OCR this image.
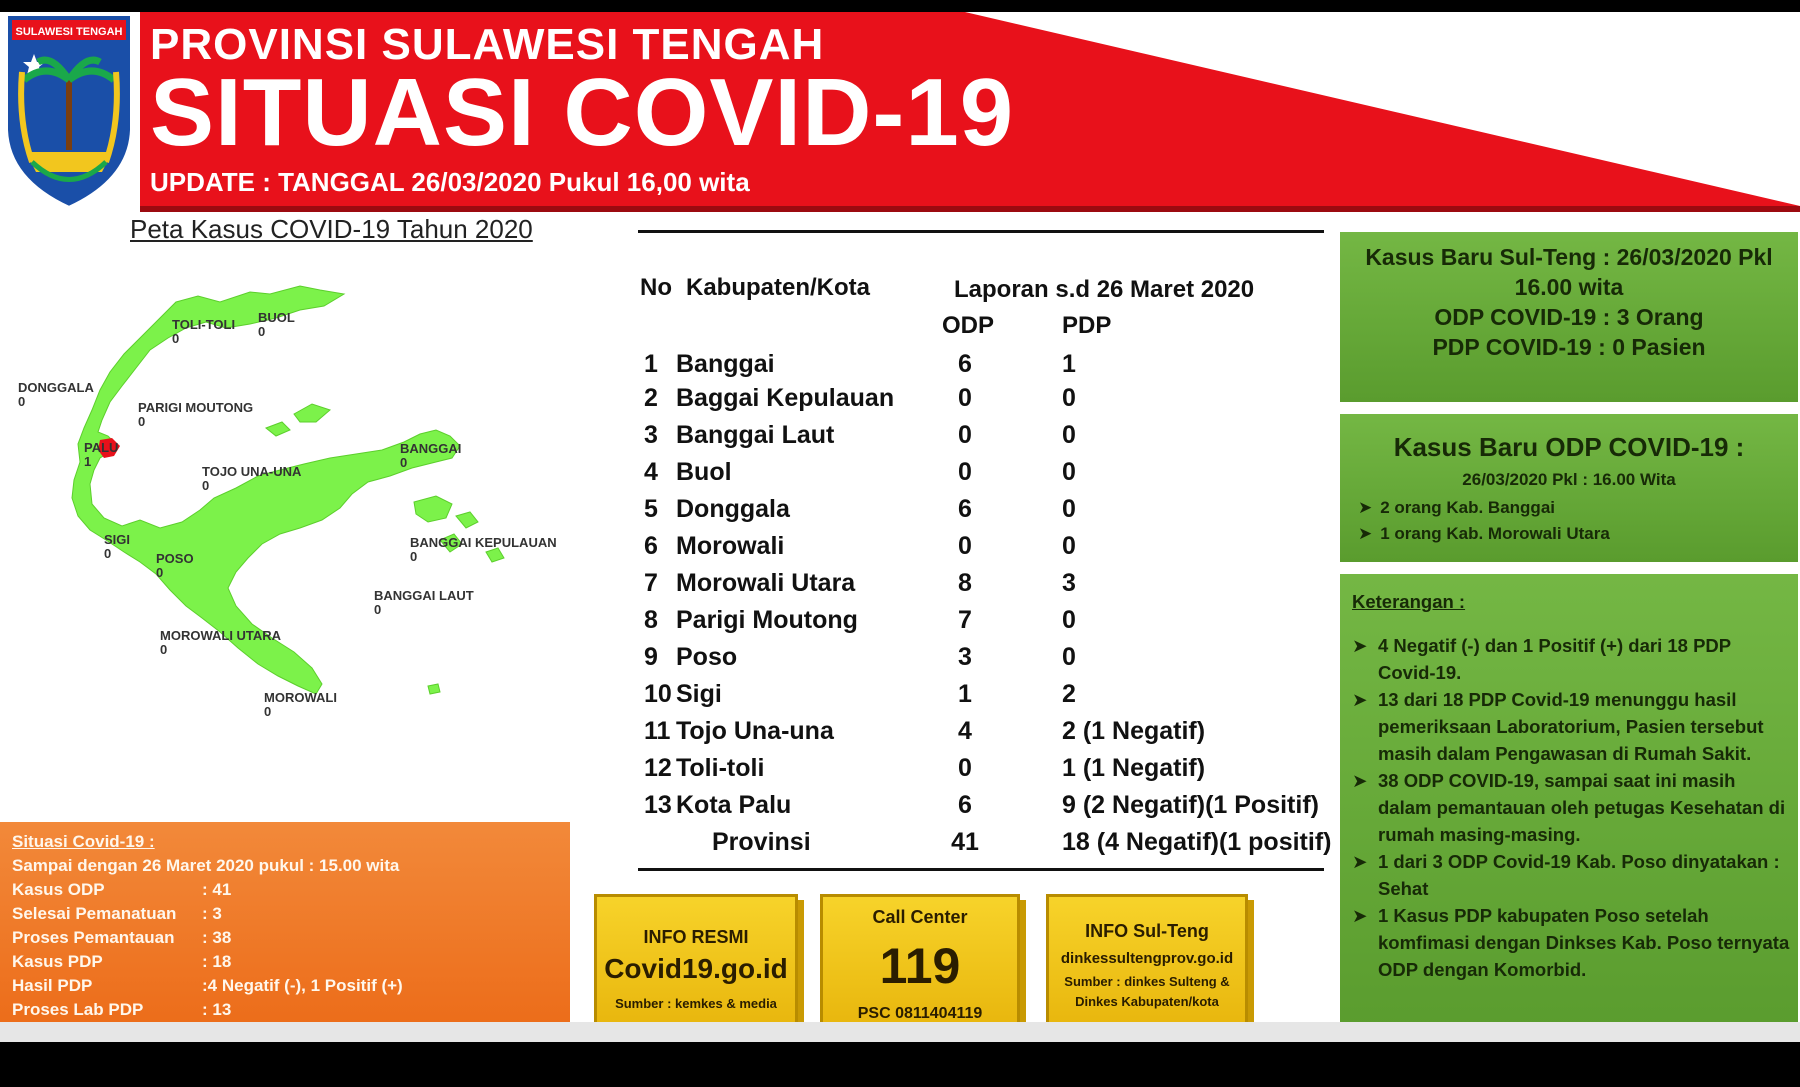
SULAWESI TENGAH PROVINSI SULAWESI TENGAH
SITUASI COVID-19
UPDATE : TANGGAL 26/03/2020 Pukul 16,00 wita
Peta Kasus COVID-19 Tahun 2020
TOLI-TOLI
0
BUOL
0
DONGGALA
0	PARIGI MOUTONG
0
PALU
1
TOJO UNA-UNA
0
BANGGAI
0
SIGI
0	POSO
0
BANGGAI KEPULAUAN
0
BANGGAI LAUT
0
MOROWALI UTARA
0
MOROWALI
0
Situasi Covid-19 :
Sampai dengan 26 Maret 2020 pukul : 15.00 wita
Kasus ODP	: 41
Selesai Pemanatuan	: 3
Proses Pemantauan	: 38
Kasus PDP	: 18
Hasil PDP	:4 Negatif (-), 1 Positif (+)
Proses Lab PDP	: 13
No Kabupaten/Kota	Laporan s.d 26 Maret 2020
ODP	PDP
1 Banggai	6	1
2 Baggai Kepulauan	0	0
3 Banggai Laut	0	0
4 Buol	0	0
5 Donggala	6	0
6 Morowali	0	0
7 Morowali Utara	8	3
8 Parigi Moutong	7	0
9 Poso	3	0
10 Sigi	1	2
11 Tojo Una-una	4	2 (1 Negatif)
12 Toli-toli	0	1 (1 Negatif)
13 Kota Palu	6	9 (2 Negatif)(1 Positif)
Provinsi	41	18 (4 Negatif)(1 positif)
INFO RESMI
Covid19.go.id
Sumber : kemkes & media
Call Center
119
PSC 0811404119
INFO Sul-Teng
dinkessultengprov.go.id
Sumber : dinkes Sulteng &
Dinkes Kabupaten/kota
Kasus Baru Sul-Teng : 26/03/2020 Pkl
16.00 wita
ODP COVID-19 : 3 Orang
PDP COVID-19 : 0 Pasien
Kasus Baru ODP COVID-19 :
26/03/2020 Pkl : 16.00 Wita
➤ 2 orang Kab. Banggai
➤ 1 orang Kab. Morowali Utara
Keterangan :
➤ 4 Negatif (-) dan 1 Positif (+) dari 18 PDP Covid-19.
➤ 13 dari 18 PDP Covid-19 menunggu hasil pemeriksaan Laboratorium, Pasien tersebut masih dalam Pengawasan di Rumah Sakit.
➤ 38 ODP COVID-19, sampai saat ini masih dalam pemantauan oleh petugas Kesehatan di rumah masing-masing.
➤ 1 dari 3 ODP Covid-19 Kab. Poso dinyatakan : Sehat
➤ 1 Kasus PDP kabupaten Poso setelah komfimasi dengan Dinkses Kab. Poso ternyata ODP dengan Komorbid.
